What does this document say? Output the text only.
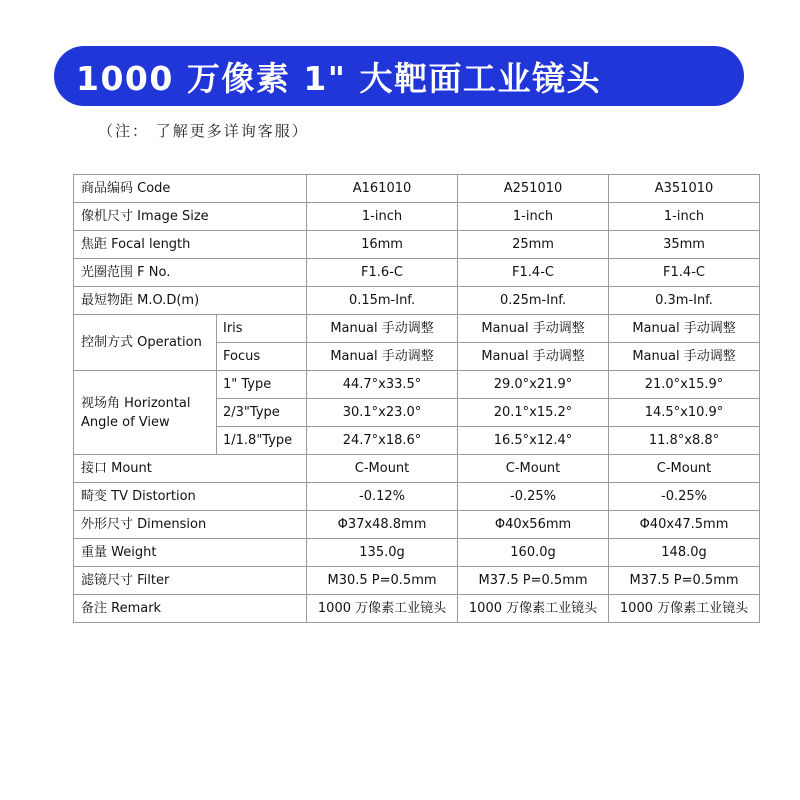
1000 万像素 1" 大靶面工业镜头
（注： 了解更多详询客服）
商品编码 Code		A161010	A251010	A351010
像机尺寸 Image Size		1-inch	1-inch	1-inch
焦距 Focal length		16mm	25mm	35mm
光圈范围 F No.		F1.6-C	F1.4-C	F1.4-C
最短物距 M.O.D(m)		0.15m-Inf.	0.25m-Inf.	0.3m-Inf.
控制方式 Operation	Iris	Manual 手动调整	Manual 手动调整	Manual 手动调整
	Focus	Manual 手动调整	Manual 手动调整	Manual 手动调整
视场角 Horizontal Angle of View	1" Type	44.7°x33.5°	29.0°x21.9°	21.0°x15.9°
	2/3"Type	30.1°x23.0°	20.1°x15.2°	14.5°x10.9°
	1/1.8"Type	24.7°x18.6°	16.5°x12.4°	11.8°x8.8°
接口 Mount		C-Mount	C-Mount	C-Mount
畸变 TV Distortion		-0.12%	-0.25%	-0.25%
外形尺寸 Dimension		Φ37x48.8mm	Φ40x56mm	Φ40x47.5mm
重量 Weight		135.0g	160.0g	148.0g
滤镜尺寸 Filter		M30.5 P=0.5mm	M37.5 P=0.5mm	M37.5 P=0.5mm
备注 Remark		1000 万像素工业镜头	1000 万像素工业镜头	1000 万像素工业镜头
